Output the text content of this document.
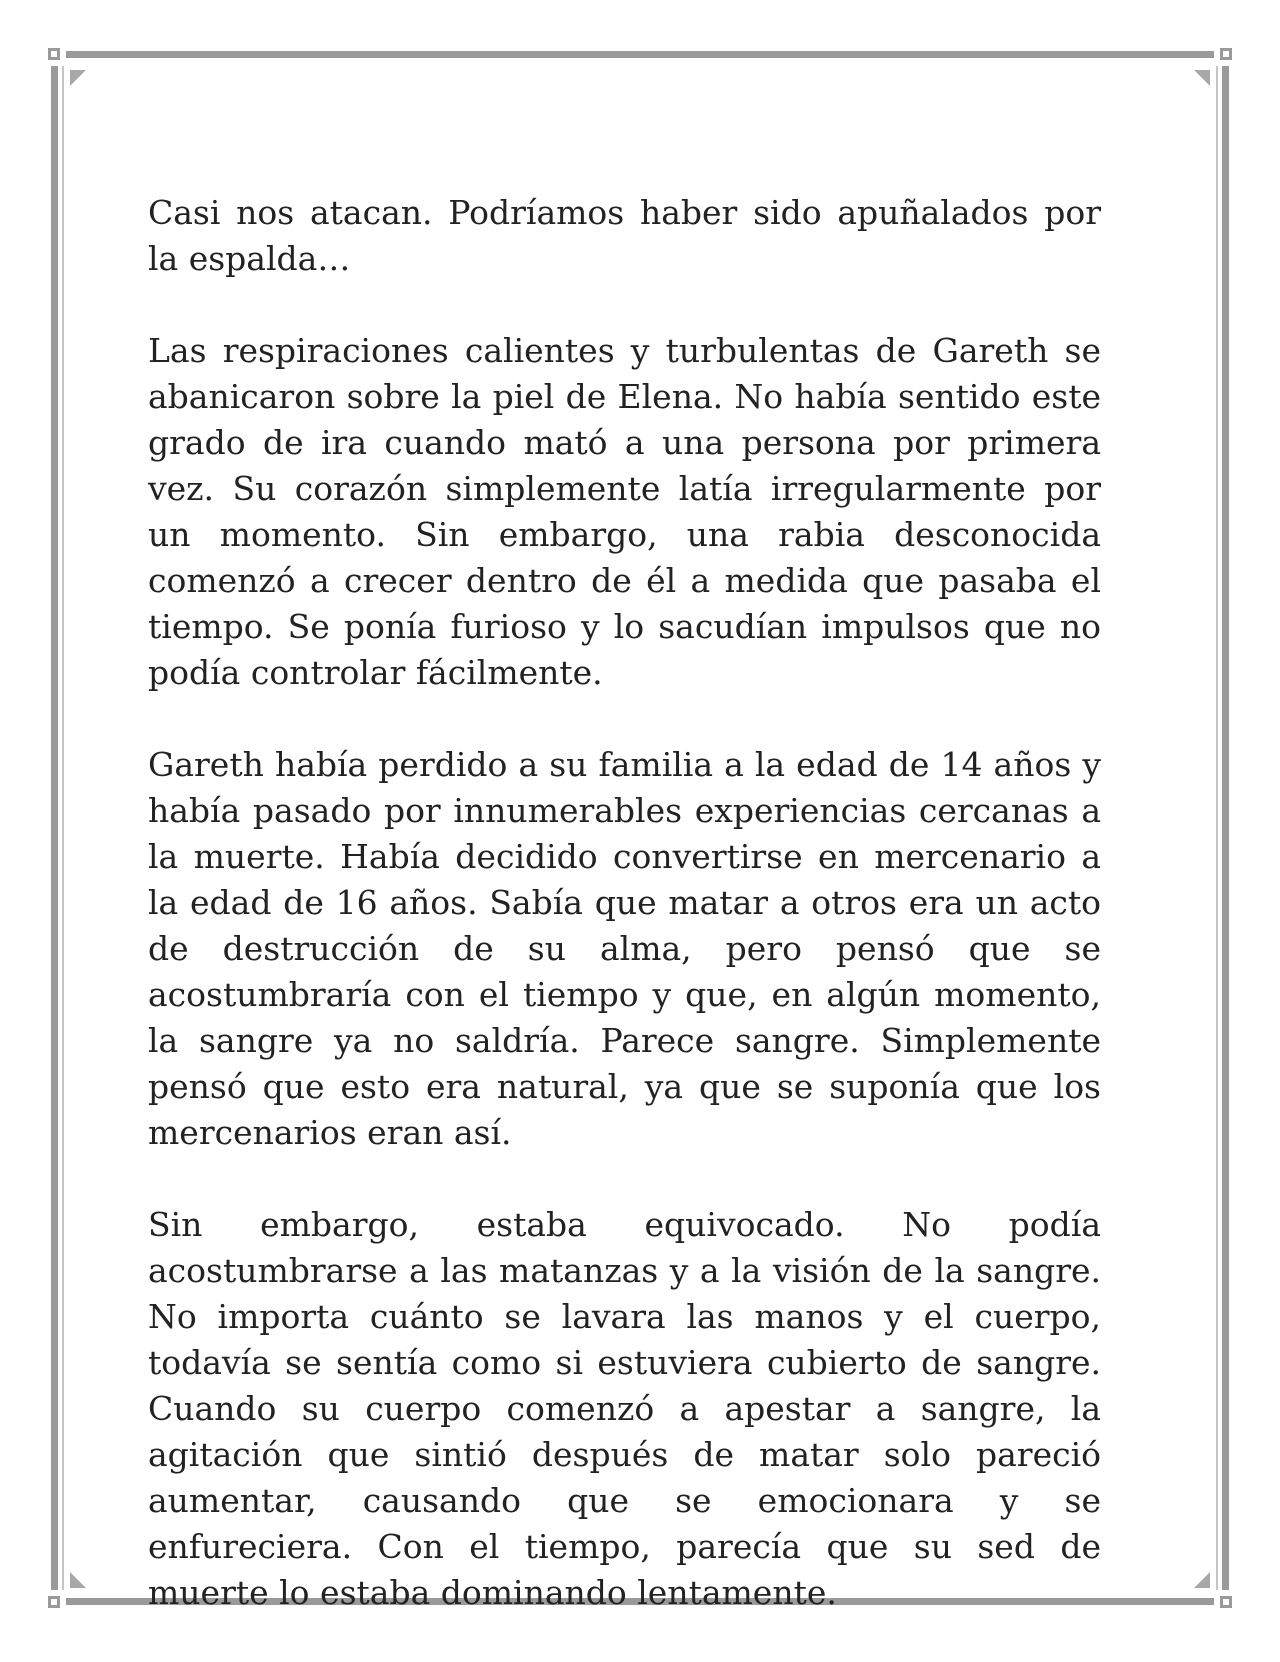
Casi nos atacan. Podríamos haber sido apuñalados por la espalda…

Las respiraciones calientes y turbulentas de Gareth se abanicaron sobre la piel de Elena. No había sentido este grado de ira cuando mató a una persona por primera vez. Su corazón simplemente latía irregularmente por un momento. Sin embargo, una rabia desconocida comenzó a crecer dentro de él a medida que pasaba el tiempo. Se ponía furioso y lo sacudían impulsos que no podía controlar fácilmente.

Gareth había perdido a su familia a la edad de 14 años y había pasado por innumerables experiencias cercanas a la muerte. Había decidido convertirse en mercenario a la edad de 16 años. Sabía que matar a otros era un acto de destrucción de su alma, pero pensó que se acostumbraría con el tiempo y que, en algún momento, la sangre ya no saldría. Parece sangre. Simplemente pensó que esto era natural, ya que se suponía que los mercenarios eran así.

Sin embargo, estaba equivocado. No podía acostumbrarse a las matanzas y a la visión de la sangre. No importa cuánto se lavara las manos y el cuerpo, todavía se sentía como si estuviera cubierto de sangre. Cuando su cuerpo comenzó a apestar a sangre, la agitación que sintió después de matar solo pareció aumentar, causando que se emocionara y se enfureciera. Con el tiempo, parecía que su sed de muerte lo estaba dominando lentamente.
